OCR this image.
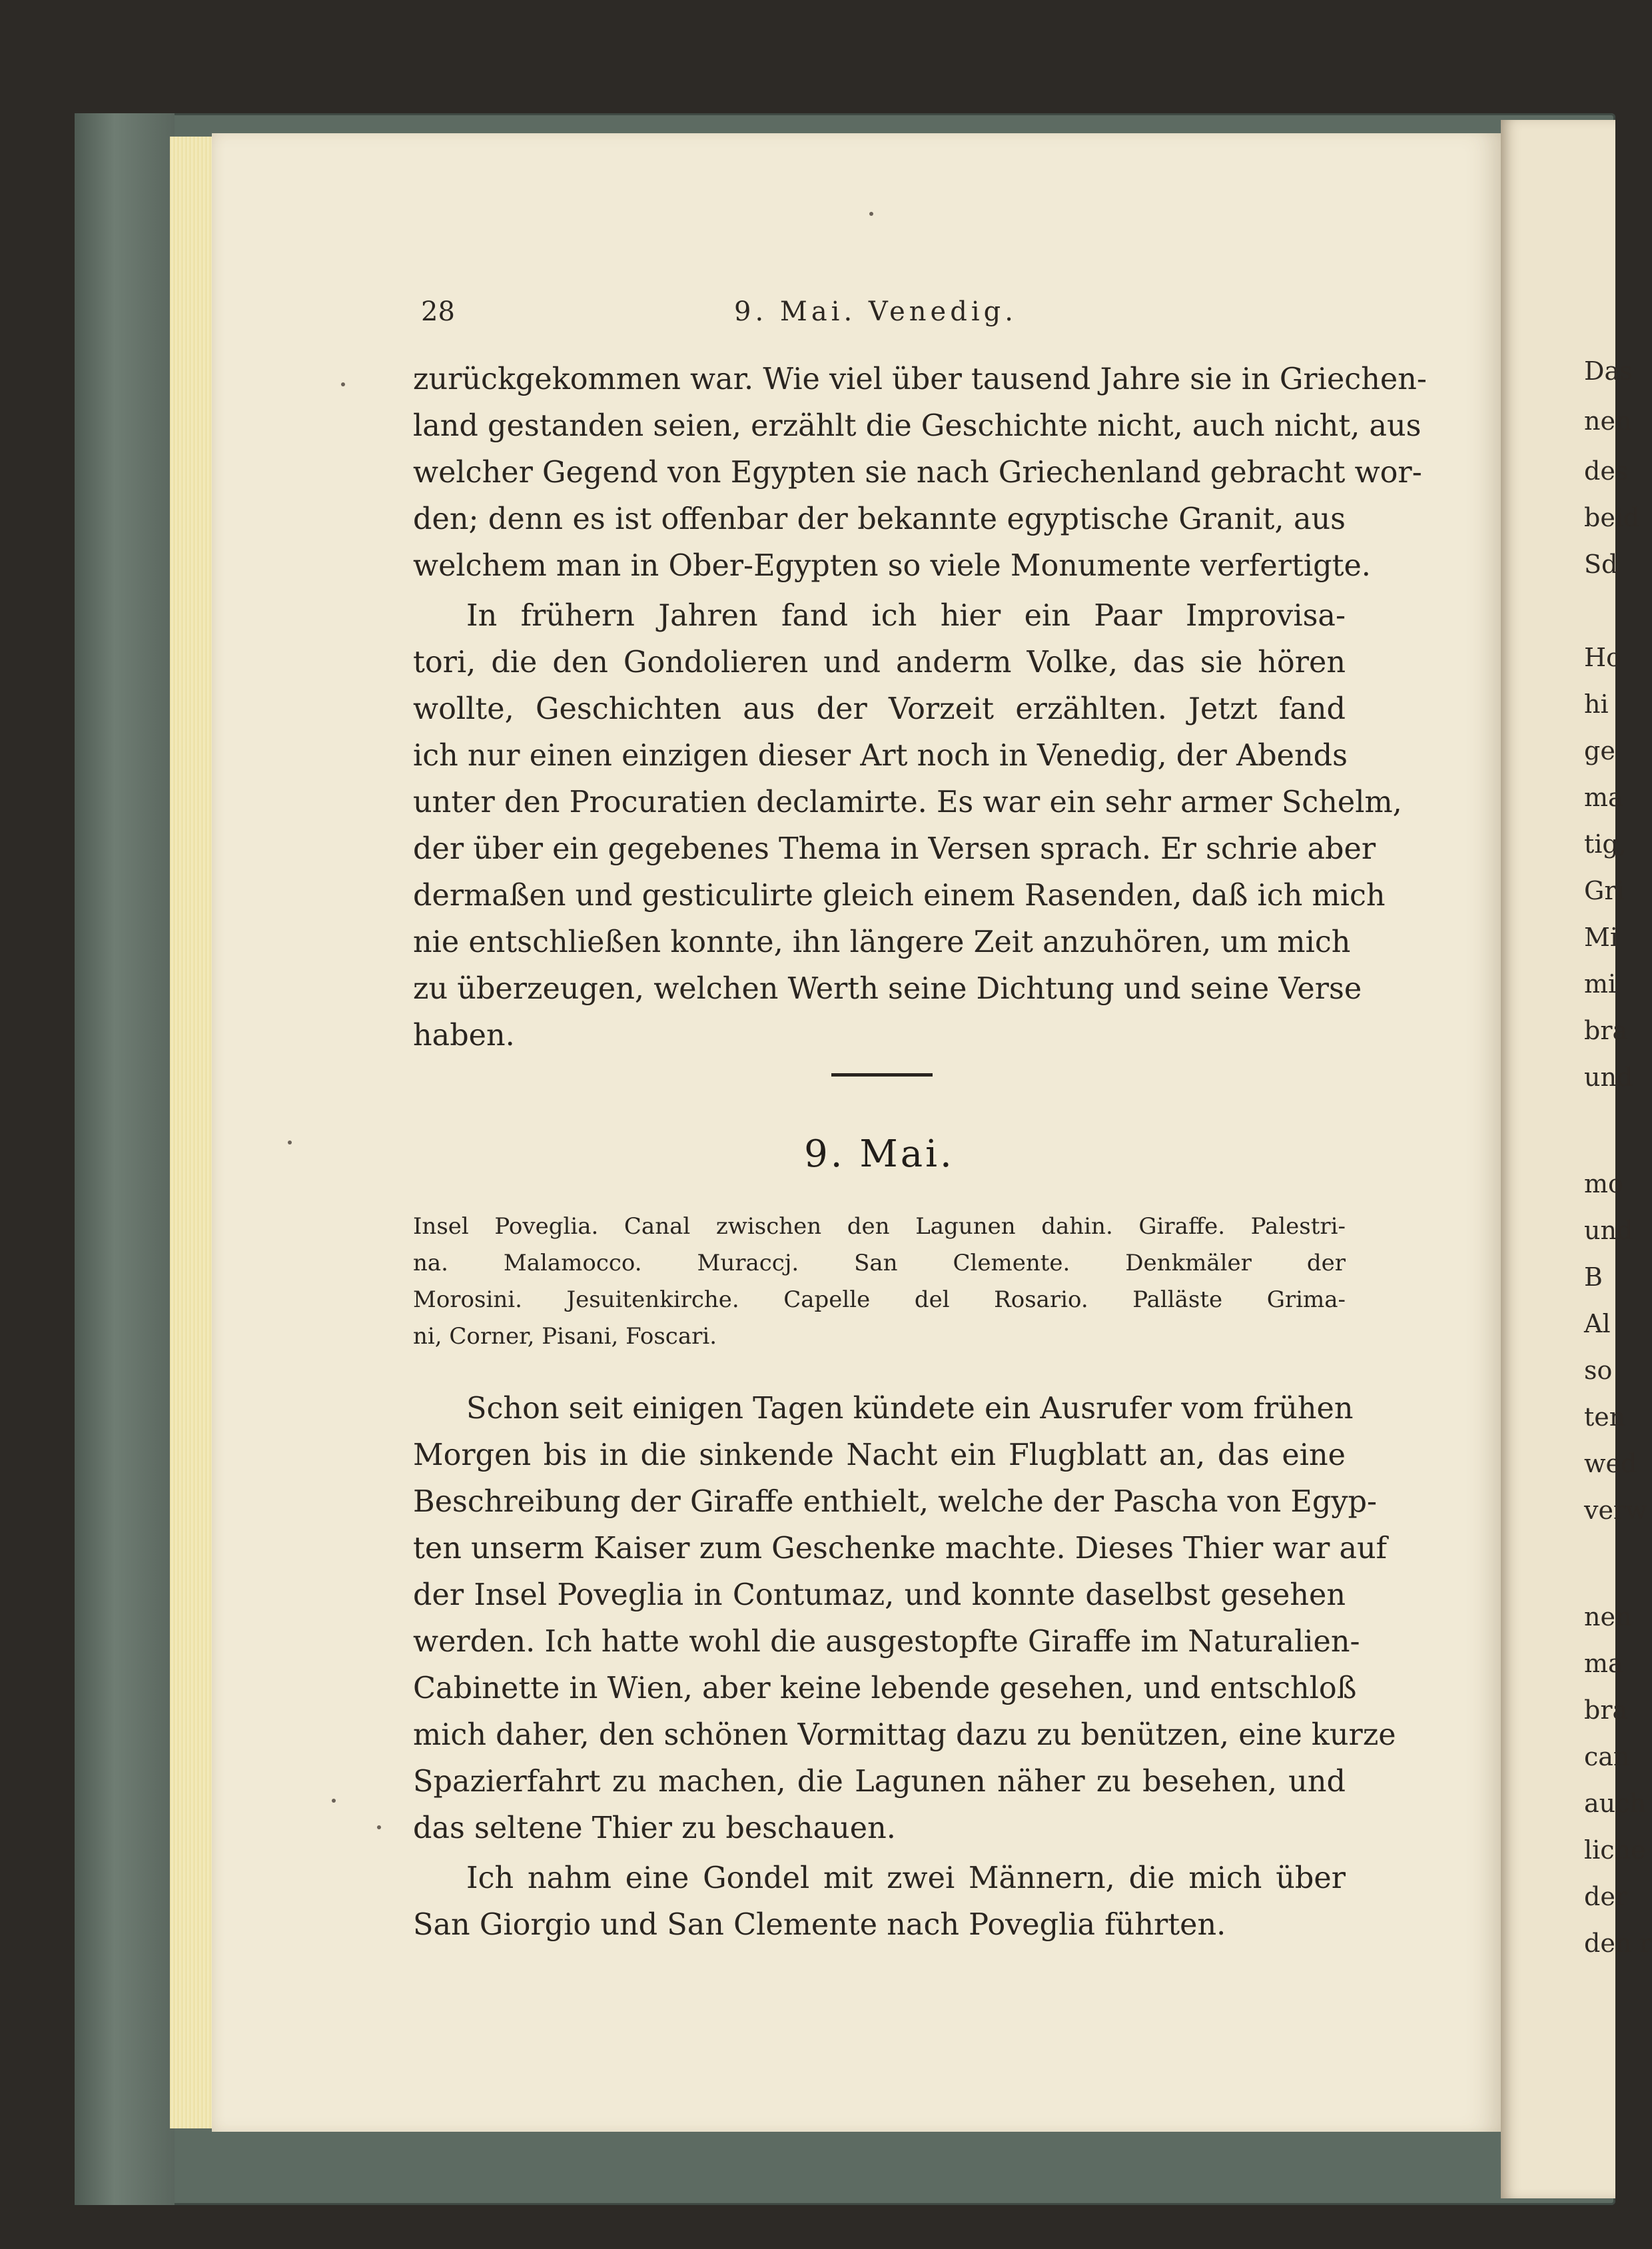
Das
nen
des
beid
Sd
Ho
hi
ge
ma
tig,
Gri
Mi
mi
bra
und
mo
und
B
Al
so
ten
wed
verw
nen
ma
bra
can
auch
liche
der
den r
28	9. Mai. Venedig.
zurückgekommen war. Wie viel über tausend Jahre sie in Griechen-
land gestanden seien, erzählt die Geschichte nicht, auch nicht, aus
welcher Gegend von Egypten sie nach Griechenland gebracht wor-
den; denn es ist offenbar der bekannte egyptische Granit, aus
welchem man in Ober-Egypten so viele Monumente verfertigte.
In frühern Jahren fand ich hier ein Paar Improvisa-
tori, die den Gondolieren und anderm Volke, das sie hören
wollte, Geschichten aus der Vorzeit erzählten. Jetzt fand
ich nur einen einzigen dieser Art noch in Venedig, der Abends
unter den Procuratien declamirte. Es war ein sehr armer Schelm,
der über ein gegebenes Thema in Versen sprach. Er schrie aber
dermaßen und gesticulirte gleich einem Rasenden, daß ich mich
nie entschließen konnte, ihn längere Zeit anzuhören, um mich
zu überzeugen, welchen Werth seine Dichtung und seine Verse
haben.
9. Mai.
Insel Poveglia. Canal zwischen den Lagunen dahin. Giraffe. Palestri-
na. Malamocco. Muraccj. San Clemente. Denkmäler der
Morosini. Jesuitenkirche. Capelle del Rosario. Palläste Grima-
ni, Corner, Pisani, Foscari.
Schon seit einigen Tagen kündete ein Ausrufer vom frühen
Morgen bis in die sinkende Nacht ein Flugblatt an, das eine
Beschreibung der Giraffe enthielt, welche der Pascha von Egyp-
ten unserm Kaiser zum Geschenke machte. Dieses Thier war auf
der Insel Poveglia in Contumaz, und konnte daselbst gesehen
werden. Ich hatte wohl die ausgestopfte Giraffe im Naturalien-
Cabinette in Wien, aber keine lebende gesehen, und entschloß
mich daher, den schönen Vormittag dazu zu benützen, eine kurze
Spazierfahrt zu machen, die Lagunen näher zu besehen, und
das seltene Thier zu beschauen.
Ich nahm eine Gondel mit zwei Männern, die mich über
San Giorgio und San Clemente nach Poveglia führten.
